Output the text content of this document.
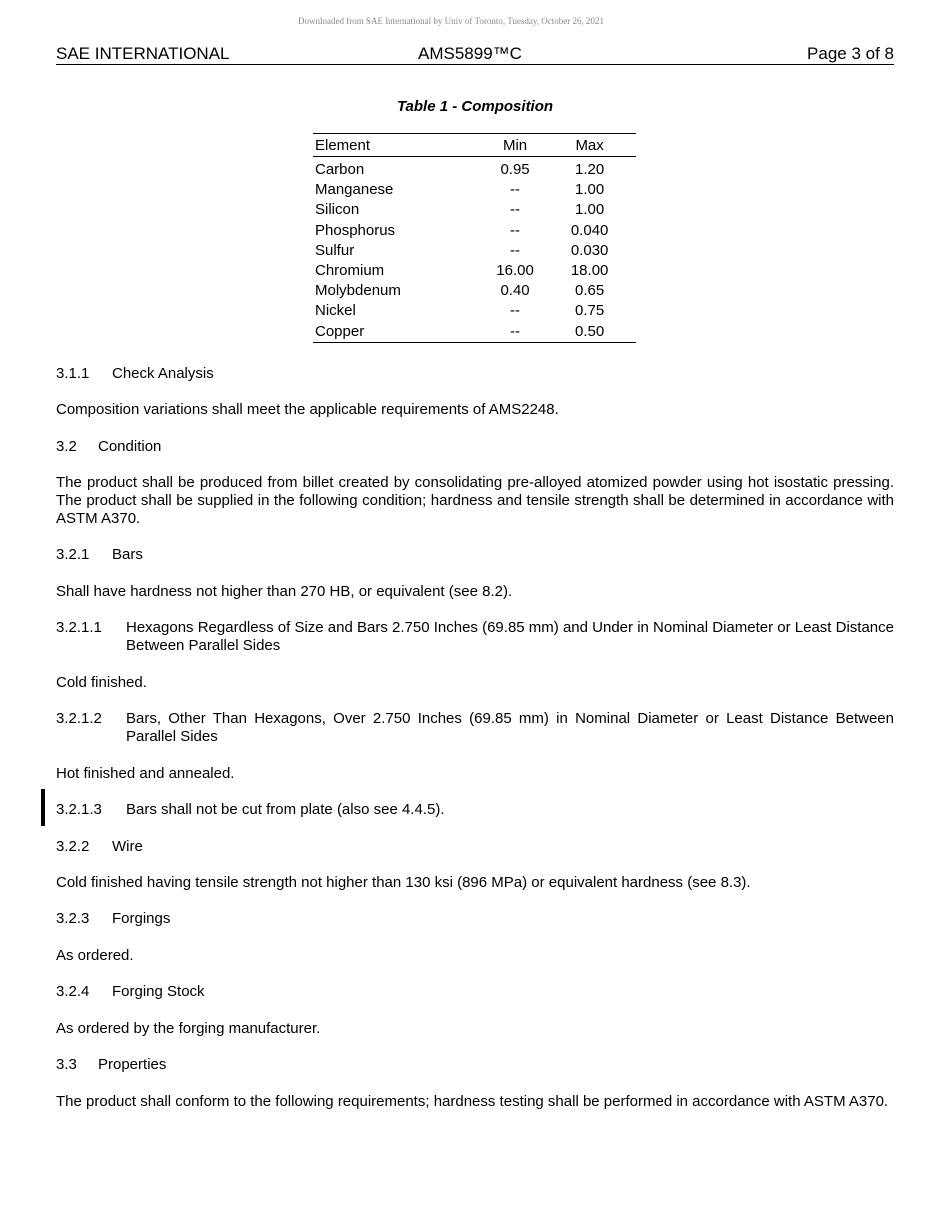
Downloaded from SAE International by Univ of Toronto, Tuesday, October 26, 2021
SAE INTERNATIONAL	AMS5899™C	Page 3 of 8
Table 1 - Composition
Element	Min	Max
Carbon	0.95	1.20
Manganese	--	1.00
Silicon	--	1.00
Phosphorus	--	0.040
Sulfur	--	0.030
Chromium	16.00	18.00
Molybdenum	0.40	0.65
Nickel	--	0.75
Copper	--	0.50
3.1.1 Check Analysis
Composition variations shall meet the applicable requirements of AMS2248.
3.2 Condition
The product shall be produced from billet created by consolidating pre-alloyed atomized powder using hot isostatic pressing. The product shall be supplied in the following condition; hardness and tensile strength shall be determined in accordance with ASTM A370.
3.2.1 Bars
Shall have hardness not higher than 270 HB, or equivalent (see 8.2).
3.2.1.1 Hexagons Regardless of Size and Bars 2.750 Inches (69.85 mm) and Under in Nominal Diameter or Least Distance Between Parallel Sides
Cold finished.
3.2.1.2 Bars, Other Than Hexagons, Over 2.750 Inches (69.85 mm) in Nominal Diameter or Least Distance Between Parallel Sides
Hot finished and annealed.
3.2.1.3 Bars shall not be cut from plate (also see 4.4.5).
3.2.2 Wire
Cold finished having tensile strength not higher than 130 ksi (896 MPa) or equivalent hardness (see 8.3).
3.2.3 Forgings
As ordered.
3.2.4 Forging Stock
As ordered by the forging manufacturer.
3.3 Properties
The product shall conform to the following requirements; hardness testing shall be performed in accordance with ASTM A370.
